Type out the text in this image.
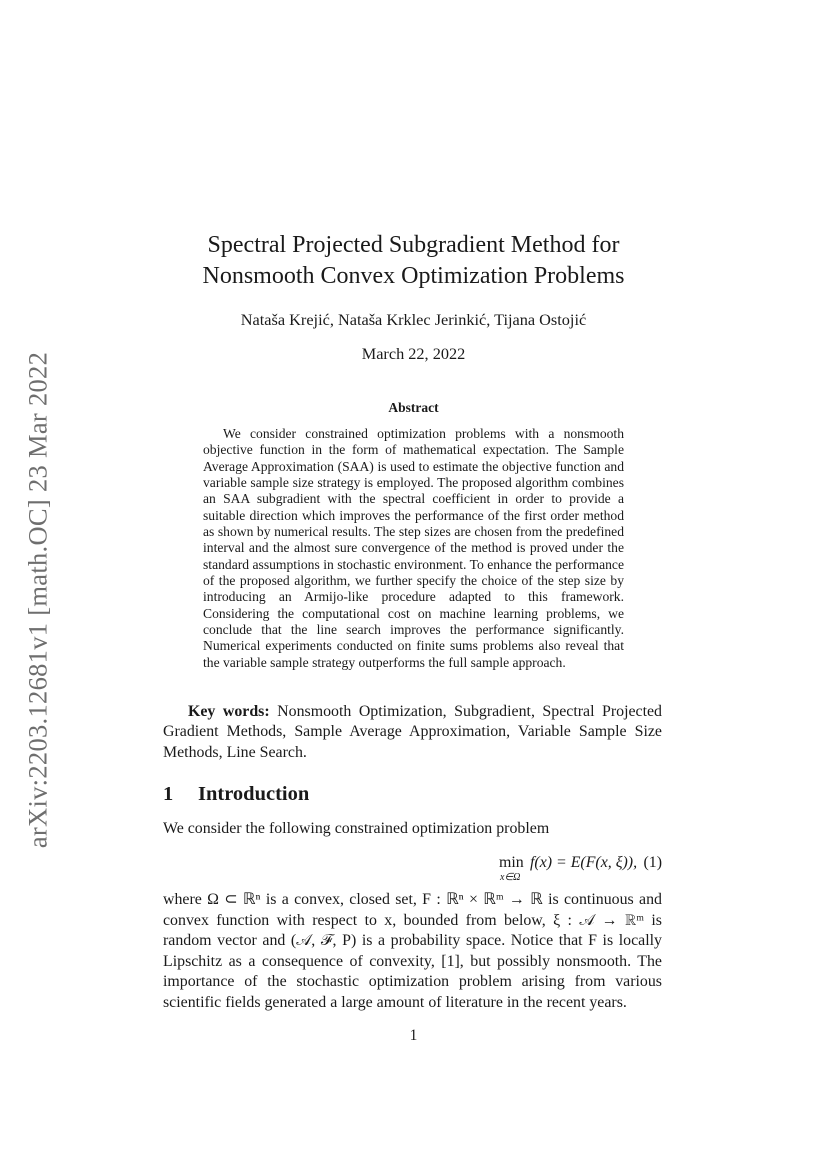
arXiv:2203.12681v1 [math.OC] 23 Mar 2022
Spectral Projected Subgradient Method for
Nonsmooth Convex Optimization Problems
Nataša Krejić, Nataša Krklec Jerinkić, Tijana Ostojić
March 22, 2022
Abstract

We consider constrained optimization problems with a nonsmooth objective function in the form of mathematical expectation. The Sample Average Approximation (SAA) is used to estimate the objective function and variable sample size strategy is employed. The proposed algorithm combines an SAA subgradient with the spectral coefficient in order to provide a suitable direction which improves the performance of the first order method as shown by numerical results. The step sizes are chosen from the predefined interval and the almost sure convergence of the method is proved under the standard assumptions in stochastic environment. To enhance the performance of the proposed algorithm, we further specify the choice of the step size by introducing an Armijo-like procedure adapted to this framework. Considering the computational cost on machine learning problems, we conclude that the line search improves the performance significantly. Numerical experiments conducted on finite sums problems also reveal that the variable sample strategy outperforms the full sample approach.

Key words: Nonsmooth Optimization, Subgradient, Spectral Projected Gradient Methods, Sample Average Approximation, Variable Sample Size Methods, Line Search.

1 Introduction

We consider the following constrained optimization problem

min
x∈Ω
f(x) = E(F(x, ξ)), (1)

where Ω ⊂ ℝⁿ is a convex, closed set, F : ℝⁿ × ℝᵐ → ℝ is continuous and convex function with respect to x, bounded from below, ξ : 𝒜 → ℝᵐ is random vector and (𝒜, ℱ, P) is a probability space. Notice that F is locally Lipschitz as a consequence of convexity, [1], but possibly nonsmooth. The importance of the stochastic optimization problem arising from various scientific fields generated a large amount of literature in the recent years.

1
